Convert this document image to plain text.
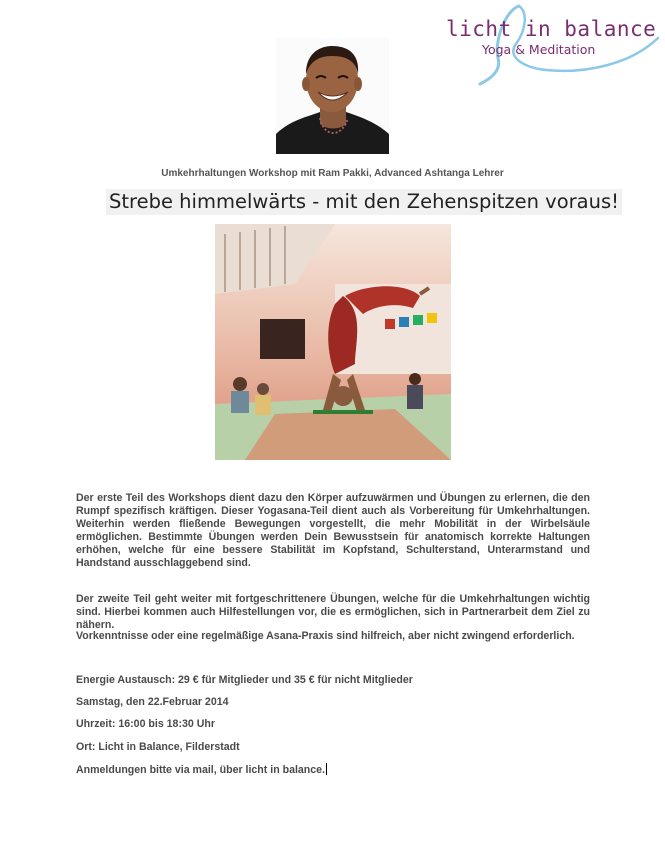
licht in balance
Yoga & Meditation
Umkehrhaltungen Workshop mit Ram Pakki, Advanced Ashtanga Lehrer
Strebe himmelwärts - mit den Zehenspitzen voraus!
Der erste Teil des Workshops dient dazu den Körper aufzuwärmen und Übungen zu erlernen, die den Rumpf spezifisch kräftigen. Dieser Yogasana-Teil dient auch als Vorbereitung für Umkehrhaltungen. Weiterhin werden fließende Bewegungen vorgestellt, die mehr Mobilität in der Wirbelsäule ermöglichen. Bestimmte Übungen werden Dein Bewusstsein für anatomisch korrekte Haltungen erhöhen, welche für eine bessere Stabilität im Kopfstand, Schulterstand, Unterarmstand und Handstand ausschlaggebend sind.
Der zweite Teil geht weiter mit fortgeschrittenere Übungen, welche für die Umkehrhaltungen wichtig sind. Hierbei kommen auch Hilfestellungen vor, die es ermöglichen, sich in Partnerarbeit dem Ziel zu nähern.
Vorkenntnisse oder eine regelmäßige Asana-Praxis sind hilfreich, aber nicht zwingend erforderlich.
Energie Austausch: 29 € für Mitglieder und 35 € für nicht Mitglieder
Samstag, den 22.Februar 2014
Uhrzeit: 16:00 bis 18:30 Uhr
Ort: Licht in Balance, Filderstadt
Anmeldungen bitte via mail, über licht in balance.
